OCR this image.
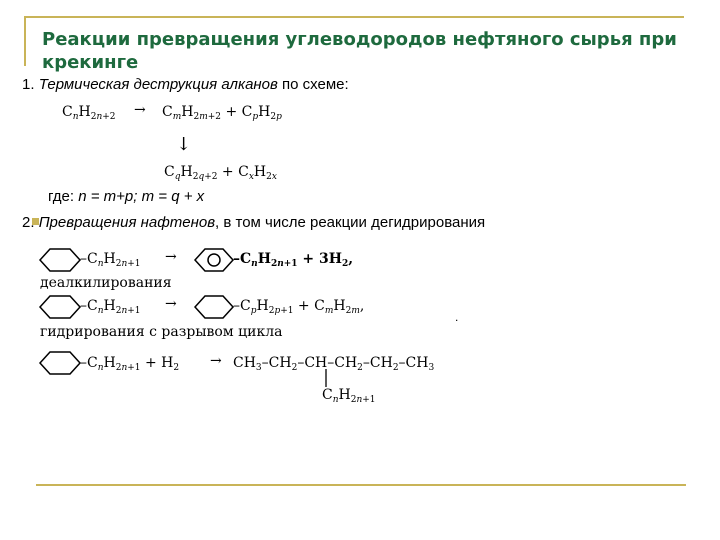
Реакции превращения углеводородов нефтяного сырья при крекинге
1. Термическая деструкция алканов по схеме:
$C_nH_{2n+2} \to C_mH_{2m+2} + C_pH_{2p}$
↓
$C_qH_{2q+2} + C_xH_{2x}$
где: n = m+p; m = q + x
2. Превращения нафтенов, в том числе реакции дегидрирования
$-C_nH_{2n+1}$ →	$-C_nH_{2n+1} + 3H_2$,
деалкилирования
$-C_nH_{2n+1}$ →	$-C_pH_{2p+1} + C_mH_{2m}$,
гидрирования с разрывом цикла
$-C_nH_{2n+1} + H_2 \to CH_3-CH_2-CH-CH_2-CH_2-CH_3$
$C_nH_{2n+1}$
.
